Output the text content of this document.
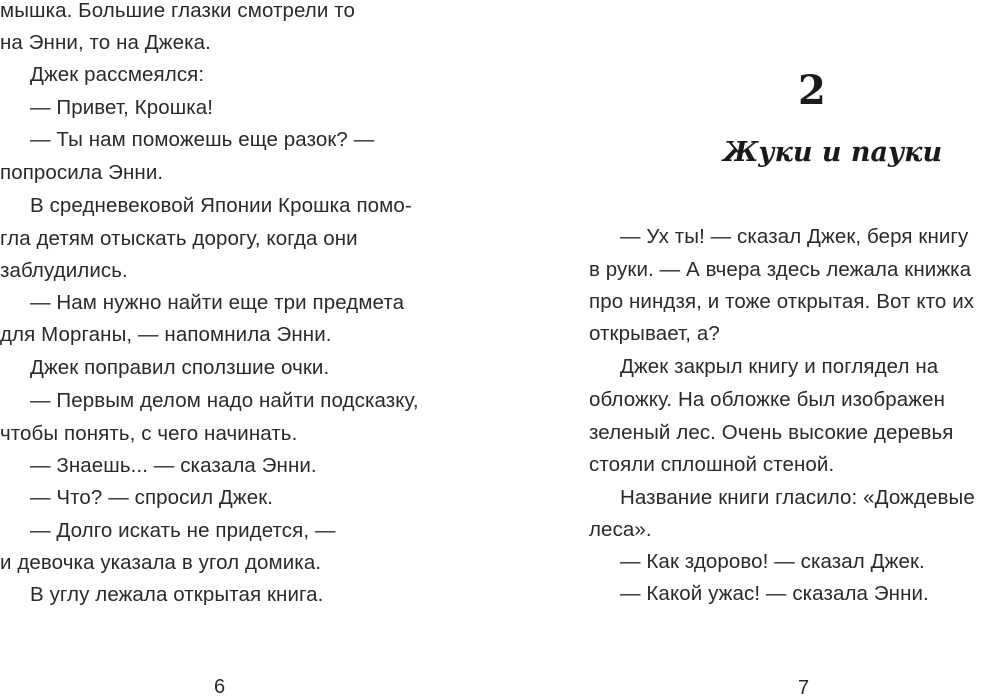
мышка. Большие глазки смотрели то
на Энни, то на Джека.
Джек рассмеялся:
— Привет, Крошка!
— Ты нам поможешь еще разок? —
попросила Энни.
В средневековой Японии Крошка помо-
гла детям отыскать дорогу, когда они
заблудились.
— Нам нужно найти еще три предмета
для Морганы, — напомнила Энни.
Джек поправил сползшие очки.
— Первым делом надо найти подсказку,
чтобы понять, с чего начинать.
— Знаешь... — сказала Энни.
— Что? — спросил Джек.
— Долго искать не придется, —
и девочка указала в угол домика.
В углу лежала открытая книга.
6
2
Жуки и пауки
— Ух ты! — сказал Джек, беря книгу
в руки. — А вчера здесь лежала книжка
про ниндзя, и тоже открытая. Вот кто их
открывает, а?
Джек закрыл книгу и поглядел на
обложку. На обложке был изображен
зеленый лес. Очень высокие деревья
стояли сплошной стеной.
Название книги гласило: «Дождевые
леса».
— Как здорово! — сказал Джек.
— Какой ужас! — сказала Энни.
7
